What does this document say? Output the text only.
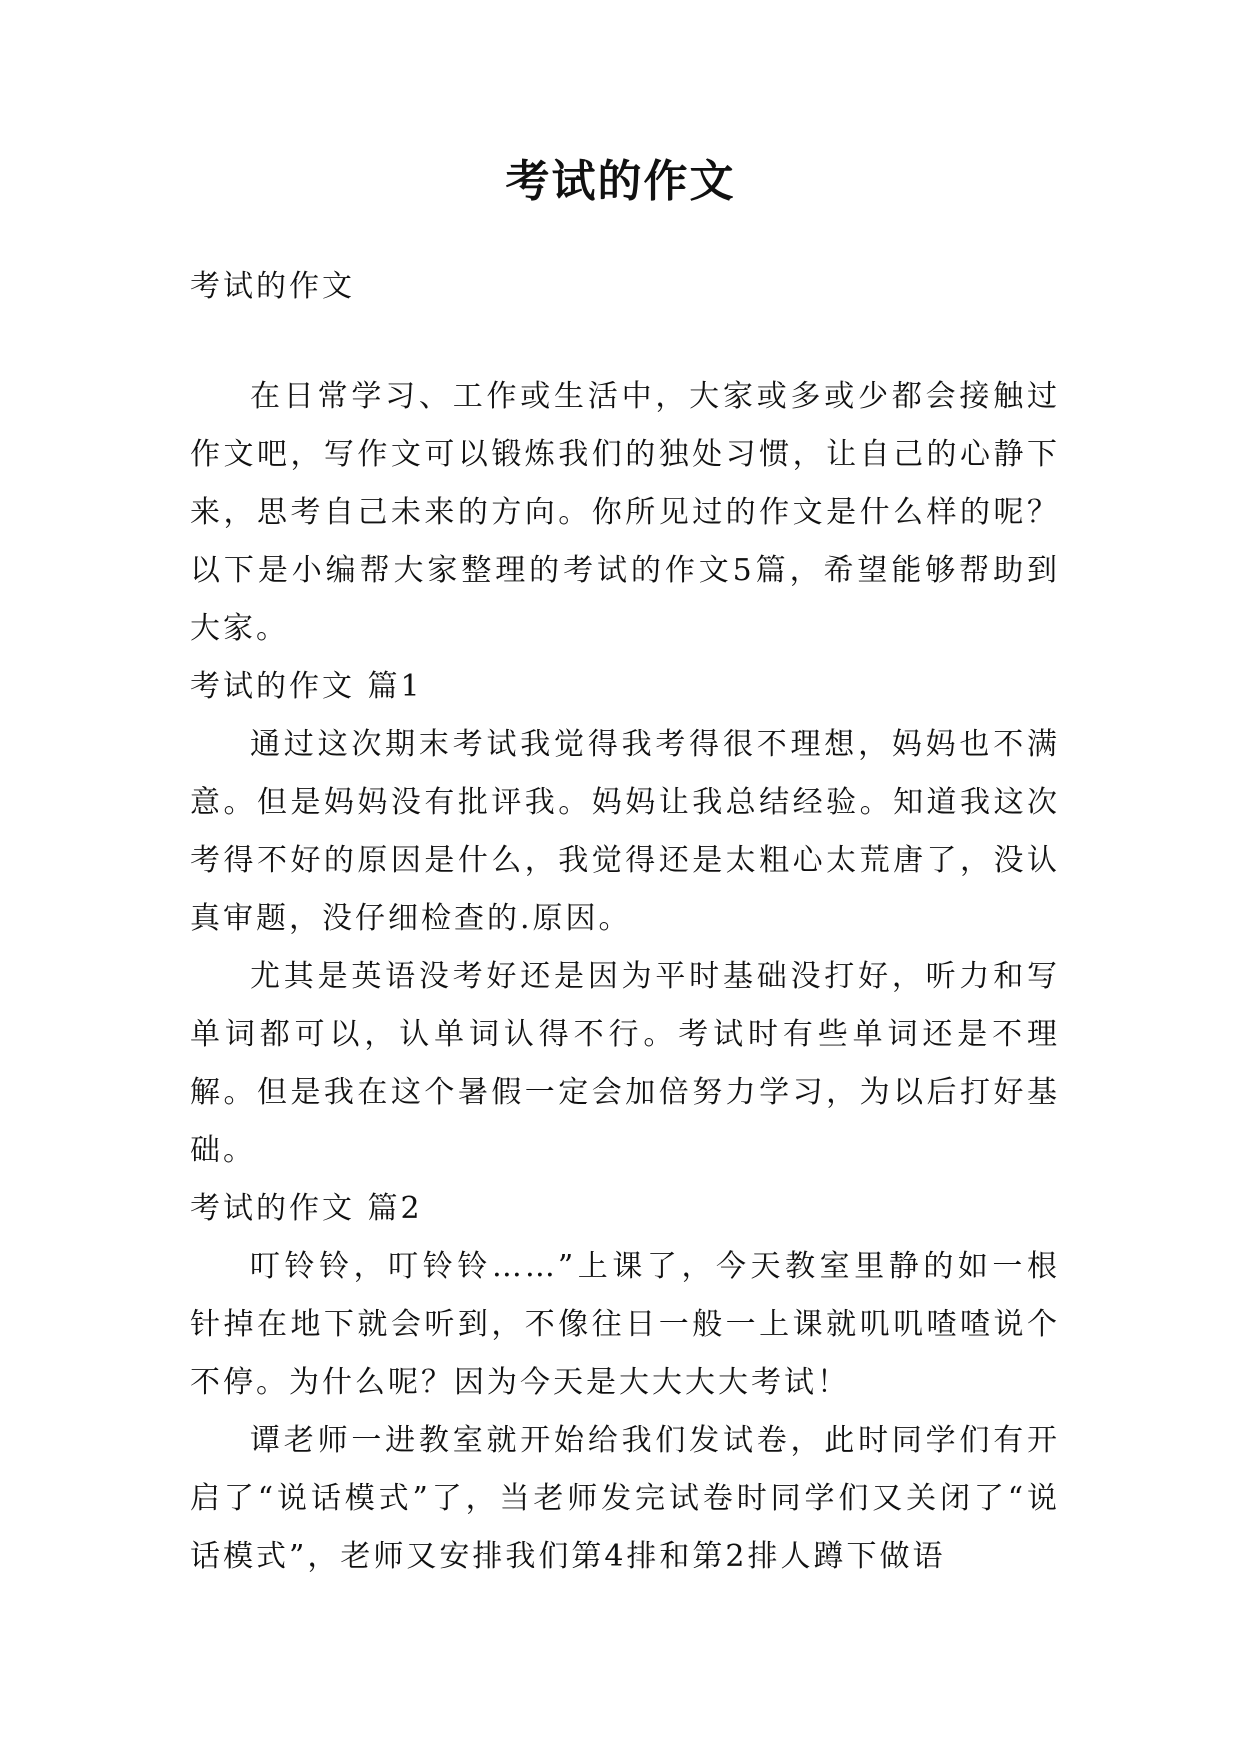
考试的作文

考试的作文

在日常学习、工作或生活中，大家或多或少都会接触过作文吧，写作文可以锻炼我们的独处习惯，让自己的心静下来，思考自己未来的方向。你所见过的作文是什么样的呢？以下是小编帮大家整理的考试的作文5篇，希望能够帮助到大家。

考试的作文 篇1

通过这次期末考试我觉得我考得很不理想，妈妈也不满意。但是妈妈没有批评我。妈妈让我总结经验。知道我这次考得不好的原因是什么，我觉得还是太粗心太荒唐了，没认真审题，没仔细检查的.原因。

尤其是英语没考好还是因为平时基础没打好，听力和写单词都可以，认单词认得不行。考试时有些单词还是不理解。但是我在这个暑假一定会加倍努力学习，为以后打好基础。

考试的作文 篇2

叮铃铃，叮铃铃……”上课了，今天教室里静的如一根针掉在地下就会听到，不像往日一般一上课就叽叽喳喳说个不停。为什么呢？因为今天是大大大大考试！

谭老师一进教室就开始给我们发试卷，此时同学们有开启了“说话模式”了，当老师发完试卷时同学们又关闭了“说话模式”，老师又安排我们第4排和第2排人蹲下做语
